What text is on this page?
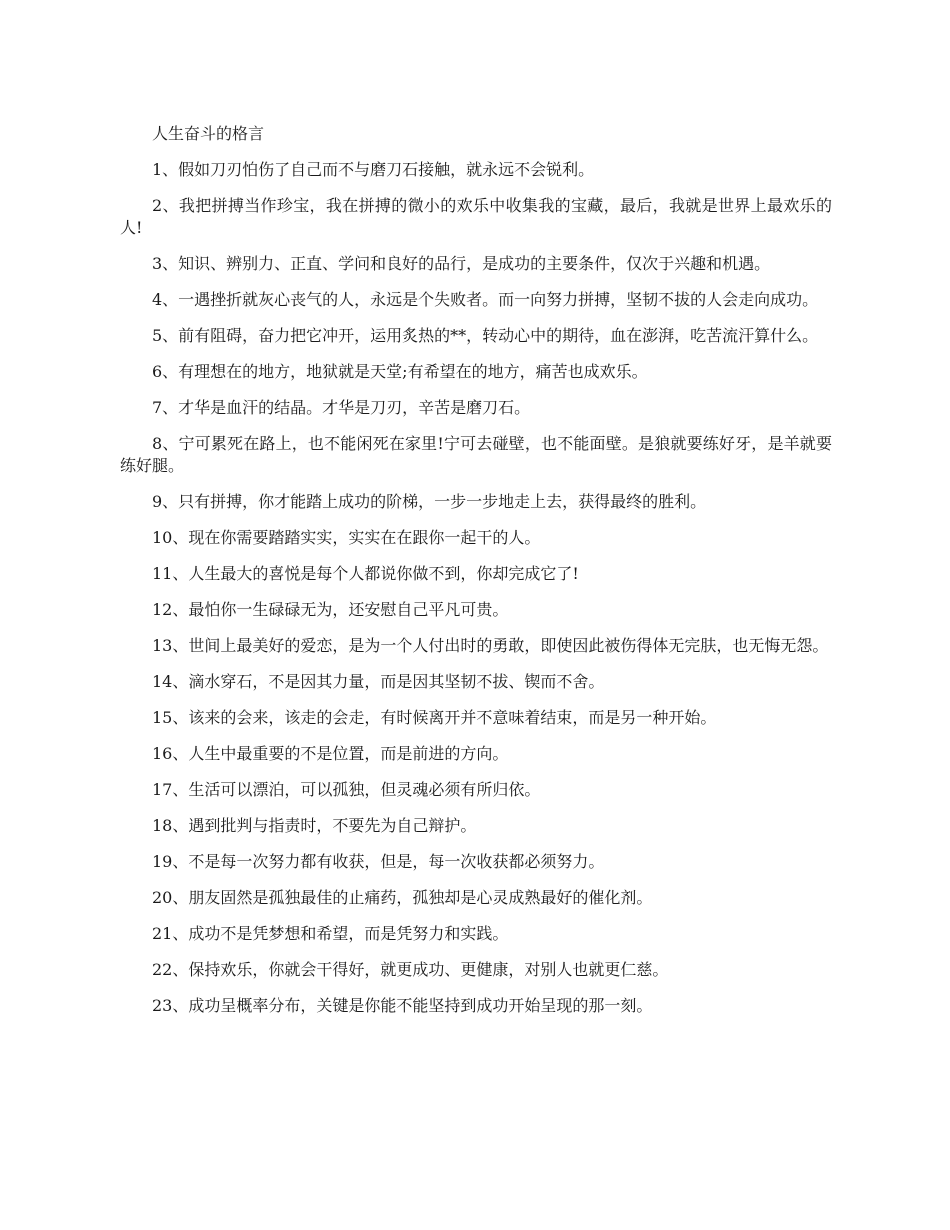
人生奋斗的格言
1、假如刀刃怕伤了自己而不与磨刀石接触，就永远不会锐利。
2、我把拼搏当作珍宝，我在拼搏的微小的欢乐中收集我的宝藏，最后，我就是世界上最欢乐的人!
3、知识、辨别力、正直、学问和良好的品行，是成功的主要条件，仅次于兴趣和机遇。
4、一遇挫折就灰心丧气的人，永远是个失败者。而一向努力拼搏，坚韧不拔的人会走向成功。
5、前有阻碍，奋力把它冲开，运用炙热的**，转动心中的期待，血在澎湃，吃苦流汗算什么。
6、有理想在的地方，地狱就是天堂;有希望在的地方，痛苦也成欢乐。
7、才华是血汗的结晶。才华是刀刃，辛苦是磨刀石。
8、宁可累死在路上，也不能闲死在家里!宁可去碰壁，也不能面壁。是狼就要练好牙，是羊就要练好腿。
9、只有拼搏，你才能踏上成功的阶梯，一步一步地走上去，获得最终的胜利。
10、现在你需要踏踏实实，实实在在跟你一起干的人。
11、人生最大的喜悦是每个人都说你做不到，你却完成它了!
12、最怕你一生碌碌无为，还安慰自己平凡可贵。
13、世间上最美好的爱恋，是为一个人付出时的勇敢，即使因此被伤得体无完肤，也无悔无怨。
14、滴水穿石，不是因其力量，而是因其坚韧不拔、锲而不舍。
15、该来的会来，该走的会走，有时候离开并不意味着结束，而是另一种开始。
16、人生中最重要的不是位置，而是前进的方向。
17、生活可以漂泊，可以孤独，但灵魂必须有所归依。
18、遇到批判与指责时，不要先为自己辩护。
19、不是每一次努力都有收获，但是，每一次收获都必须努力。
20、朋友固然是孤独最佳的止痛药，孤独却是心灵成熟最好的催化剂。
21、成功不是凭梦想和希望，而是凭努力和实践。
22、保持欢乐，你就会干得好，就更成功、更健康，对别人也就更仁慈。
23、成功呈概率分布，关键是你能不能坚持到成功开始呈现的那一刻。
